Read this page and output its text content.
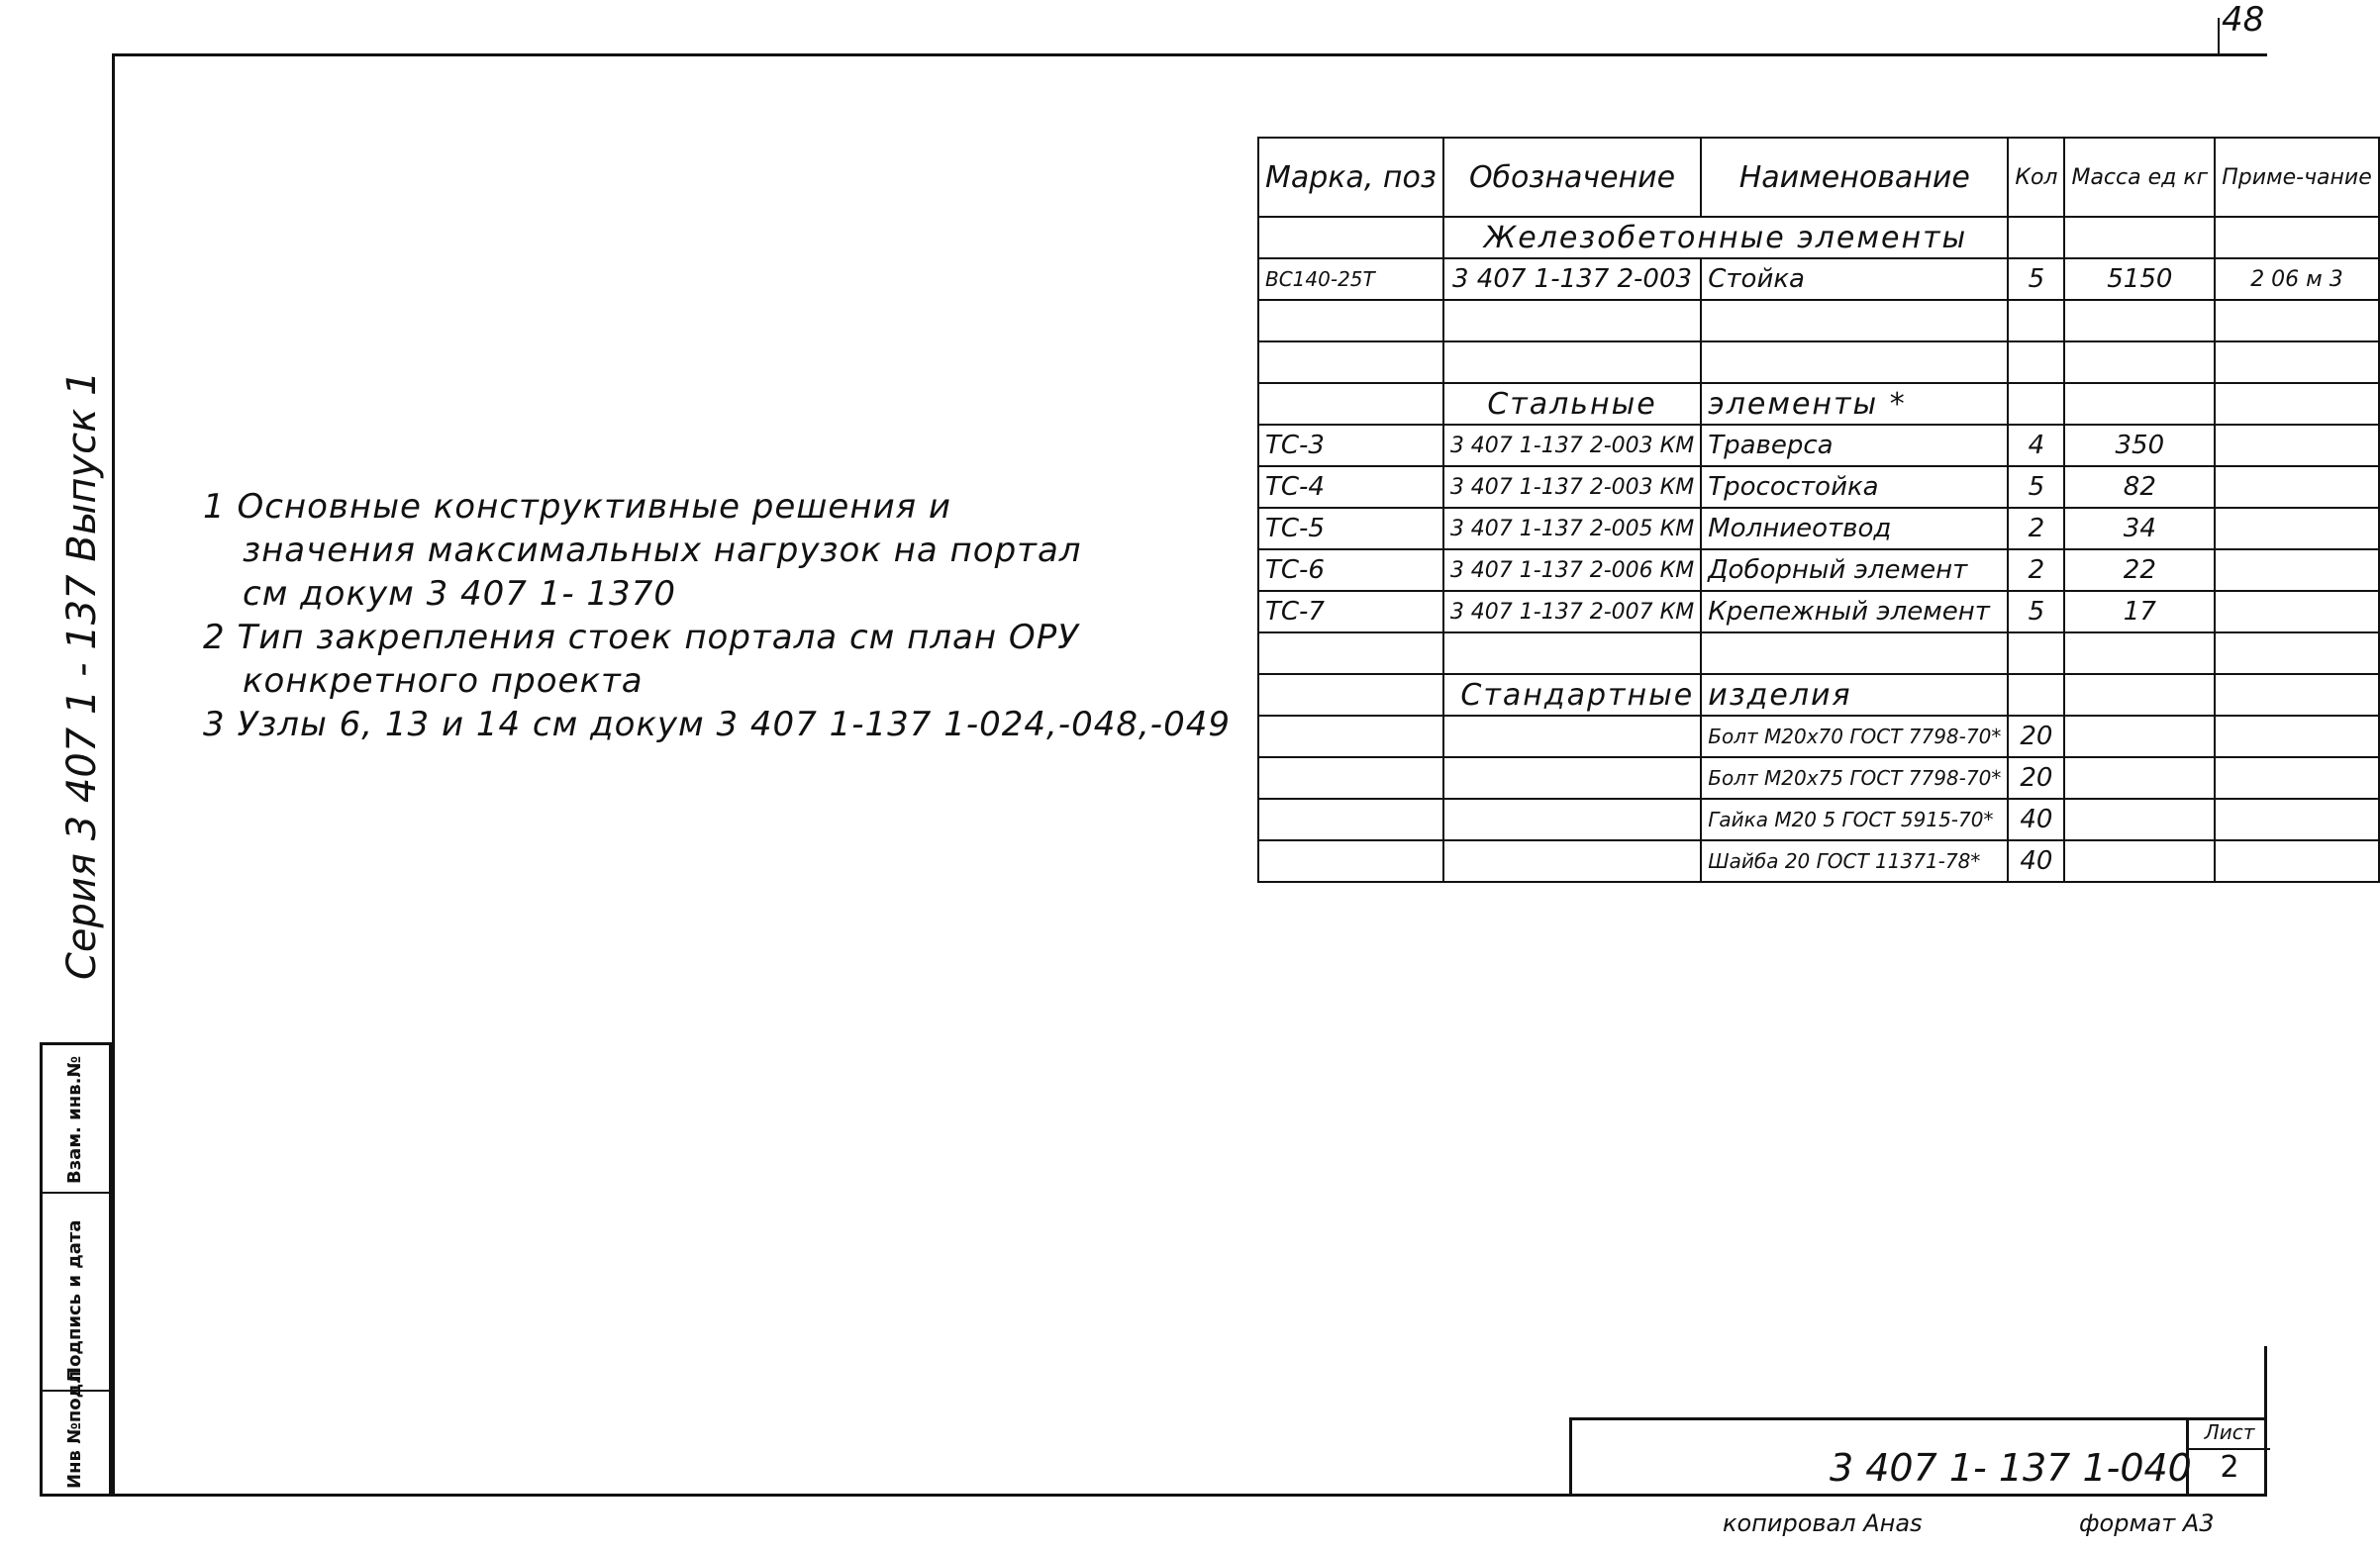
48
Серия 3 407 1 - 137 Выпуск 1
Взам. инв.№
Подпись и дата
Инв №подл
1 Основные конструктивные решения и
значения максимальных нагрузок на портал
см докум 3 407 1- 1370
2 Тип закрепления стоек портала см план ОРУ
конкретного проекта
3 Узлы 6, 13 и 14 см докум 3 407 1-137 1-024,-048,-049
Марка, поз	Обозначение	Наименование	Кол	Масса ед кг	Приме-чание
	Железобетонные элементы				
ВС140-25Т	3 407 1-137 2-003	Стойка	5	5150	2 06 м 3

	Стальные	элементы *			
ТС-3	3 407 1-137 2-003 КМ	Траверса	4	350	
ТС-4	3 407 1-137 2-003 КМ	Тросостойка	5	82	
ТС-5	3 407 1-137 2-005 КМ	Молниеотвод	2	34	
ТС-6	3 407 1-137 2-006 КМ	Доборный элемент	2	22	
ТС-7	3 407 1-137 2-007 КМ	Крепежный элемент	5	17	

	Стандартные	изделия			
		Болт М20х70 ГОСТ 7798-70*	20		
		Болт М20х75 ГОСТ 7798-70*	20		
		Гайка М20 5 ГОСТ 5915-70*	40		
		Шайба 20 ГОСТ 11371-78*	40		
3 407 1- 137 1-040
Лист
2
копировал Анаs	формат А3
